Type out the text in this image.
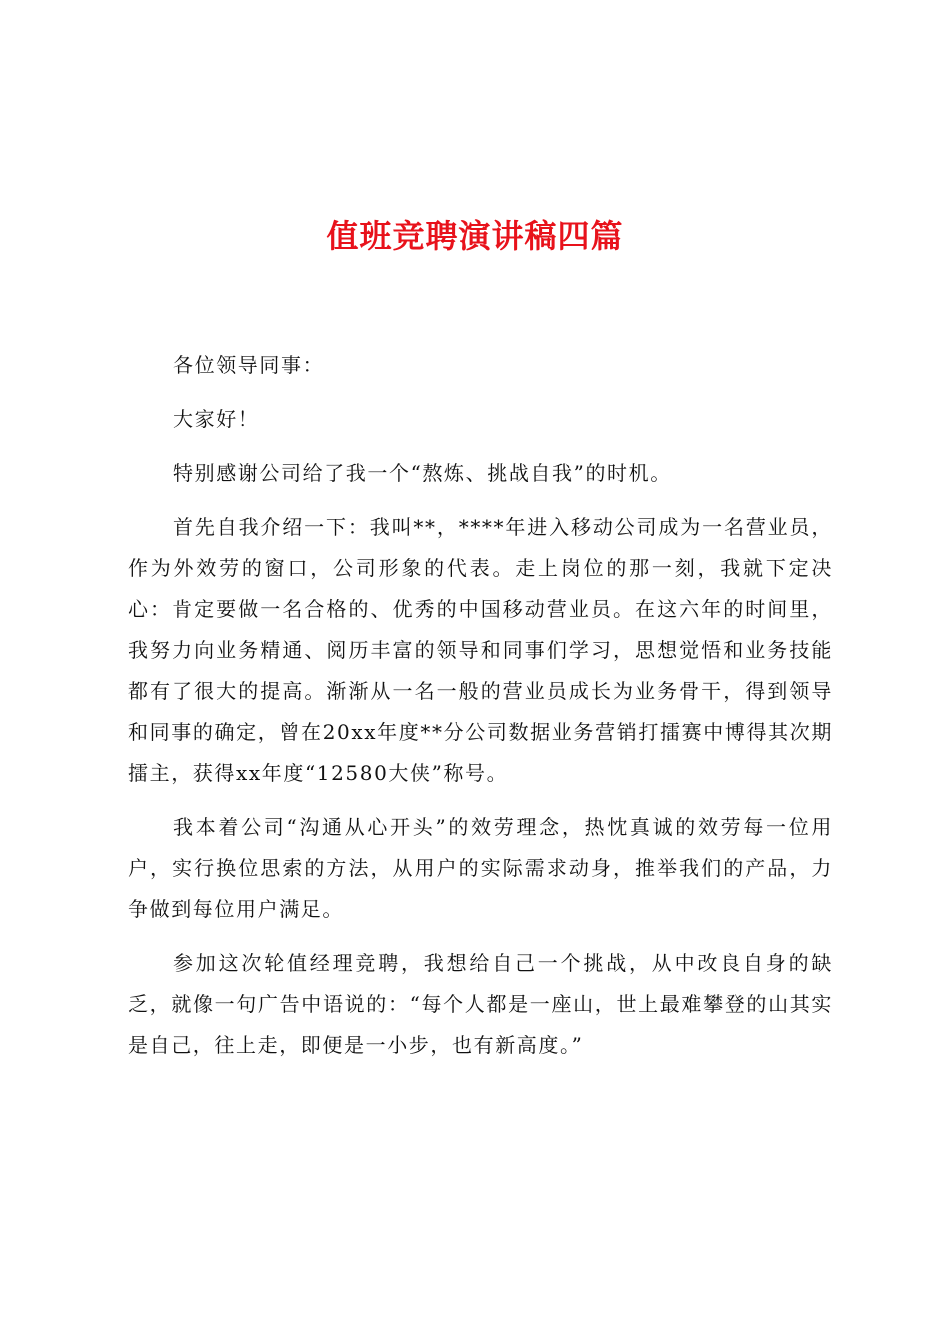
值班竞聘演讲稿四篇

各位领导同事：

大家好！

特别感谢公司给了我一个“熬炼、挑战自我”的时机。

首先自我介绍一下：我叫**，****年进入移动公司成为一名营业员，作为外效劳的窗口，公司形象的代表。走上岗位的那一刻，我就下定决心：肯定要做一名合格的、优秀的中国移动营业员。在这六年的时间里，我努力向业务精通、阅历丰富的领导和同事们学习，思想觉悟和业务技能都有了很大的提高。渐渐从一名一般的营业员成长为业务骨干，得到领导和同事的确定，曾在20xx年度**分公司数据业务营销打擂赛中博得其次期擂主，获得xx年度“12580大侠”称号。

我本着公司“沟通从心开头”的效劳理念，热忱真诚的效劳每一位用户，实行换位思索的方法，从用户的实际需求动身，推举我们的产品，力争做到每位用户满足。

参加这次轮值经理竞聘，我想给自己一个挑战，从中改良自身的缺乏，就像一句广告中语说的：“每个人都是一座山，世上最难攀登的山其实是自己，往上走，即便是一小步，也有新高度。”
